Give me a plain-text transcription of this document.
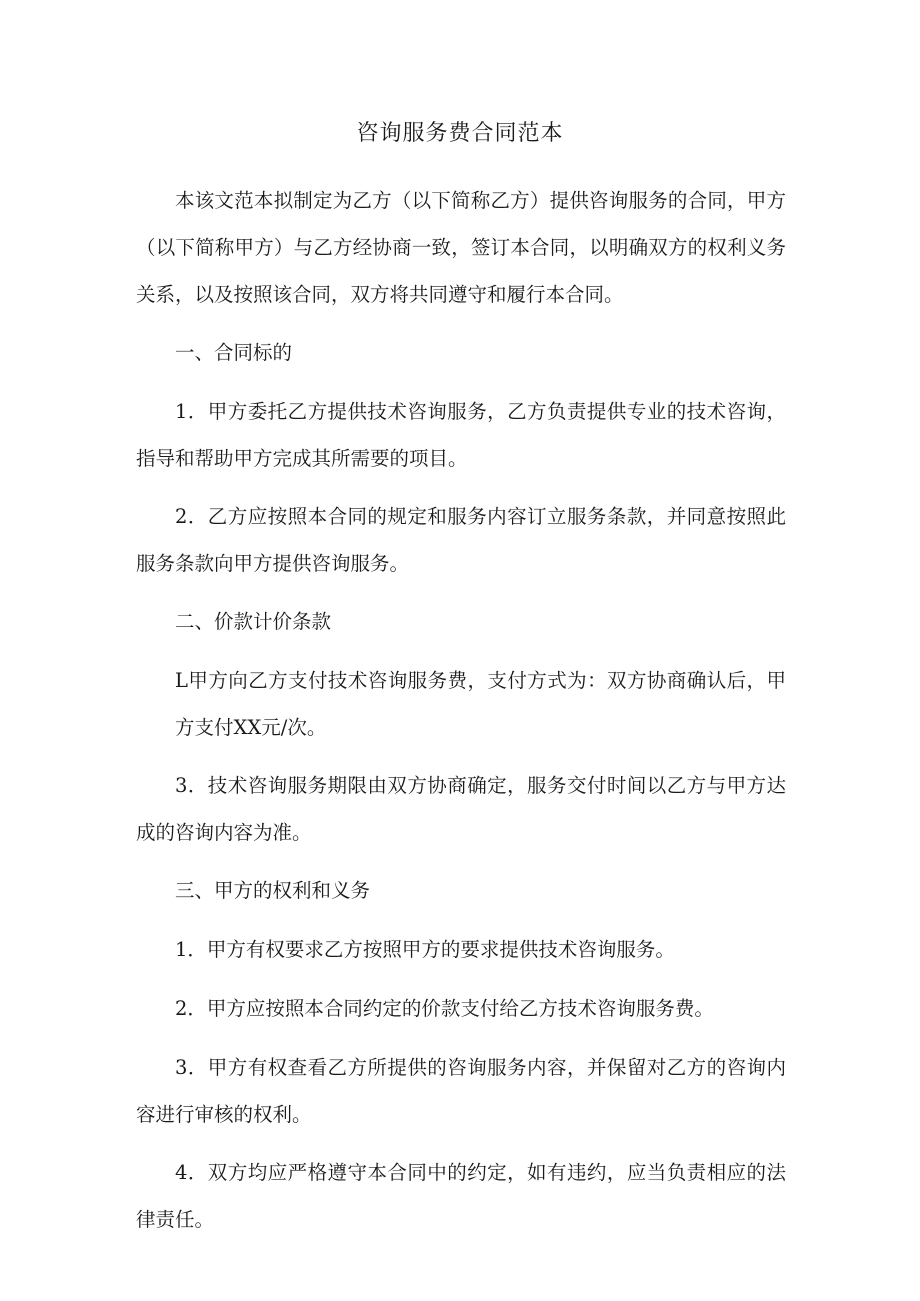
咨询服务费合同范本

本该文范本拟制定为乙方（以下简称乙方）提供咨询服务的合同，甲方（以下简称甲方）与乙方经协商一致，签订本合同，以明确双方的权利义务关系，以及按照该合同，双方将共同遵守和履行本合同。

一、合同标的

1．甲方委托乙方提供技术咨询服务，乙方负责提供专业的技术咨询，指导和帮助甲方完成其所需要的项目。

2．乙方应按照本合同的规定和服务内容订立服务条款，并同意按照此服务条款向甲方提供咨询服务。

二、价款计价条款

L甲方向乙方支付技术咨询服务费，支付方式为：双方协商确认后，甲方支付XX元/次。

3．技术咨询服务期限由双方协商确定，服务交付时间以乙方与甲方达成的咨询内容为准。

三、甲方的权利和义务

1．甲方有权要求乙方按照甲方的要求提供技术咨询服务。

2．甲方应按照本合同约定的价款支付给乙方技术咨询服务费。

3．甲方有权查看乙方所提供的咨询服务内容，并保留对乙方的咨询内容进行审核的权利。

4．双方均应严格遵守本合同中的约定，如有违约，应当负责相应的法律责任。
